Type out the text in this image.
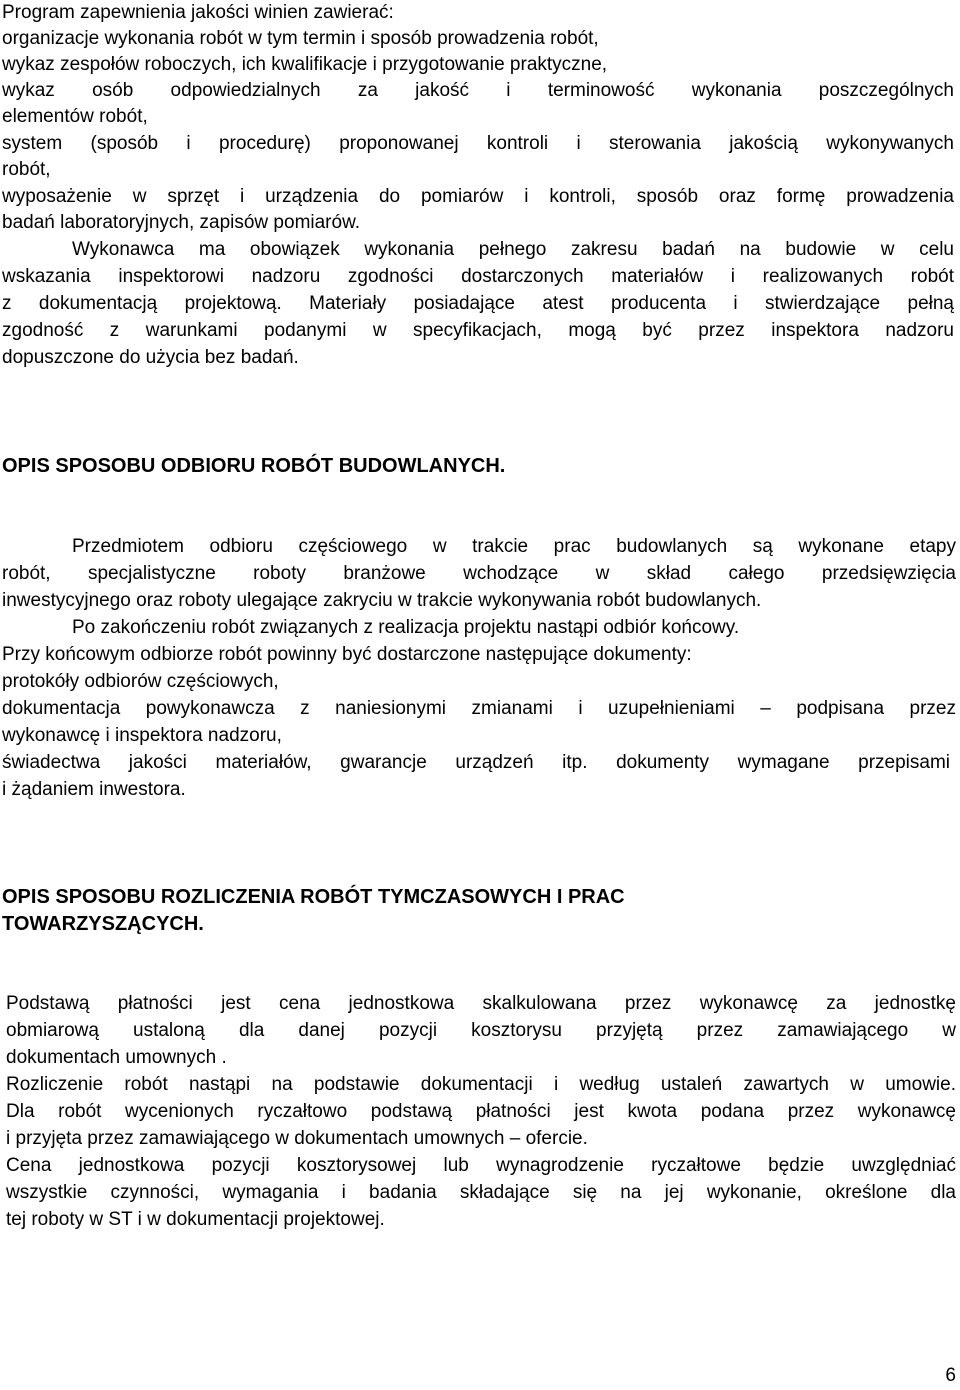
Program zapewnienia jakości winien zawierać:
organizacje wykonania robót w tym termin i sposób prowadzenia robót,
wykaz zespołów roboczych, ich kwalifikacje i przygotowanie praktyczne,
wykaz osób odpowiedzialnych za jakość i terminowość wykonania poszczególnych
elementów robót,
system (sposób i procedurę) proponowanej kontroli i sterowania jakością wykonywanych
robót,
wyposażenie w sprzęt i urządzenia do pomiarów i kontroli, sposób oraz formę prowadzenia
badań laboratoryjnych, zapisów pomiarów.
Wykonawca ma obowiązek wykonania pełnego zakresu badań na budowie w celu
wskazania inspektorowi nadzoru zgodności dostarczonych materiałów i realizowanych robót
z dokumentacją projektową. Materiały posiadające atest producenta i stwierdzające pełną
zgodność z warunkami podanymi w specyfikacjach, mogą być przez inspektora nadzoru
dopuszczone do użycia bez badań.
OPIS SPOSOBU ODBIORU ROBÓT BUDOWLANYCH.
Przedmiotem odbioru częściowego w trakcie prac budowlanych są wykonane etapy
robót, specjalistyczne roboty branżowe wchodzące w skład całego przedsięwzięcia
inwestycyjnego oraz roboty ulegające zakryciu w trakcie wykonywania robót budowlanych.
Po zakończeniu robót związanych z realizacja projektu nastąpi odbiór końcowy.
Przy końcowym odbiorze robót powinny być dostarczone następujące dokumenty:
protokóły odbiorów częściowych,
dokumentacja powykonawcza z naniesionymi zmianami i uzupełnieniami – podpisana przez
wykonawcę i inspektora nadzoru,
świadectwa jakości materiałów, gwarancje urządzeń itp. dokumenty wymagane przepisami
i żądaniem inwestora.
OPIS SPOSOBU ROZLICZENIA ROBÓT TYMCZASOWYCH I PRAC
TOWARZYSZĄCYCH.
Podstawą płatności jest cena jednostkowa skalkulowana przez wykonawcę za jednostkę
obmiarową ustaloną dla danej pozycji kosztorysu przyjętą przez zamawiającego w
dokumentach umownych .
Rozliczenie robót nastąpi na podstawie dokumentacji i według ustaleń zawartych w umowie.
Dla robót wycenionych ryczałtowo podstawą płatności jest kwota podana przez wykonawcę
i przyjęta przez zamawiającego w dokumentach umownych – ofercie.
Cena jednostkowa pozycji kosztorysowej lub wynagrodzenie ryczałtowe będzie uwzględniać
wszystkie czynności, wymagania i badania składające się na jej wykonanie, określone dla
tej roboty w ST i w dokumentacji projektowej.
6
